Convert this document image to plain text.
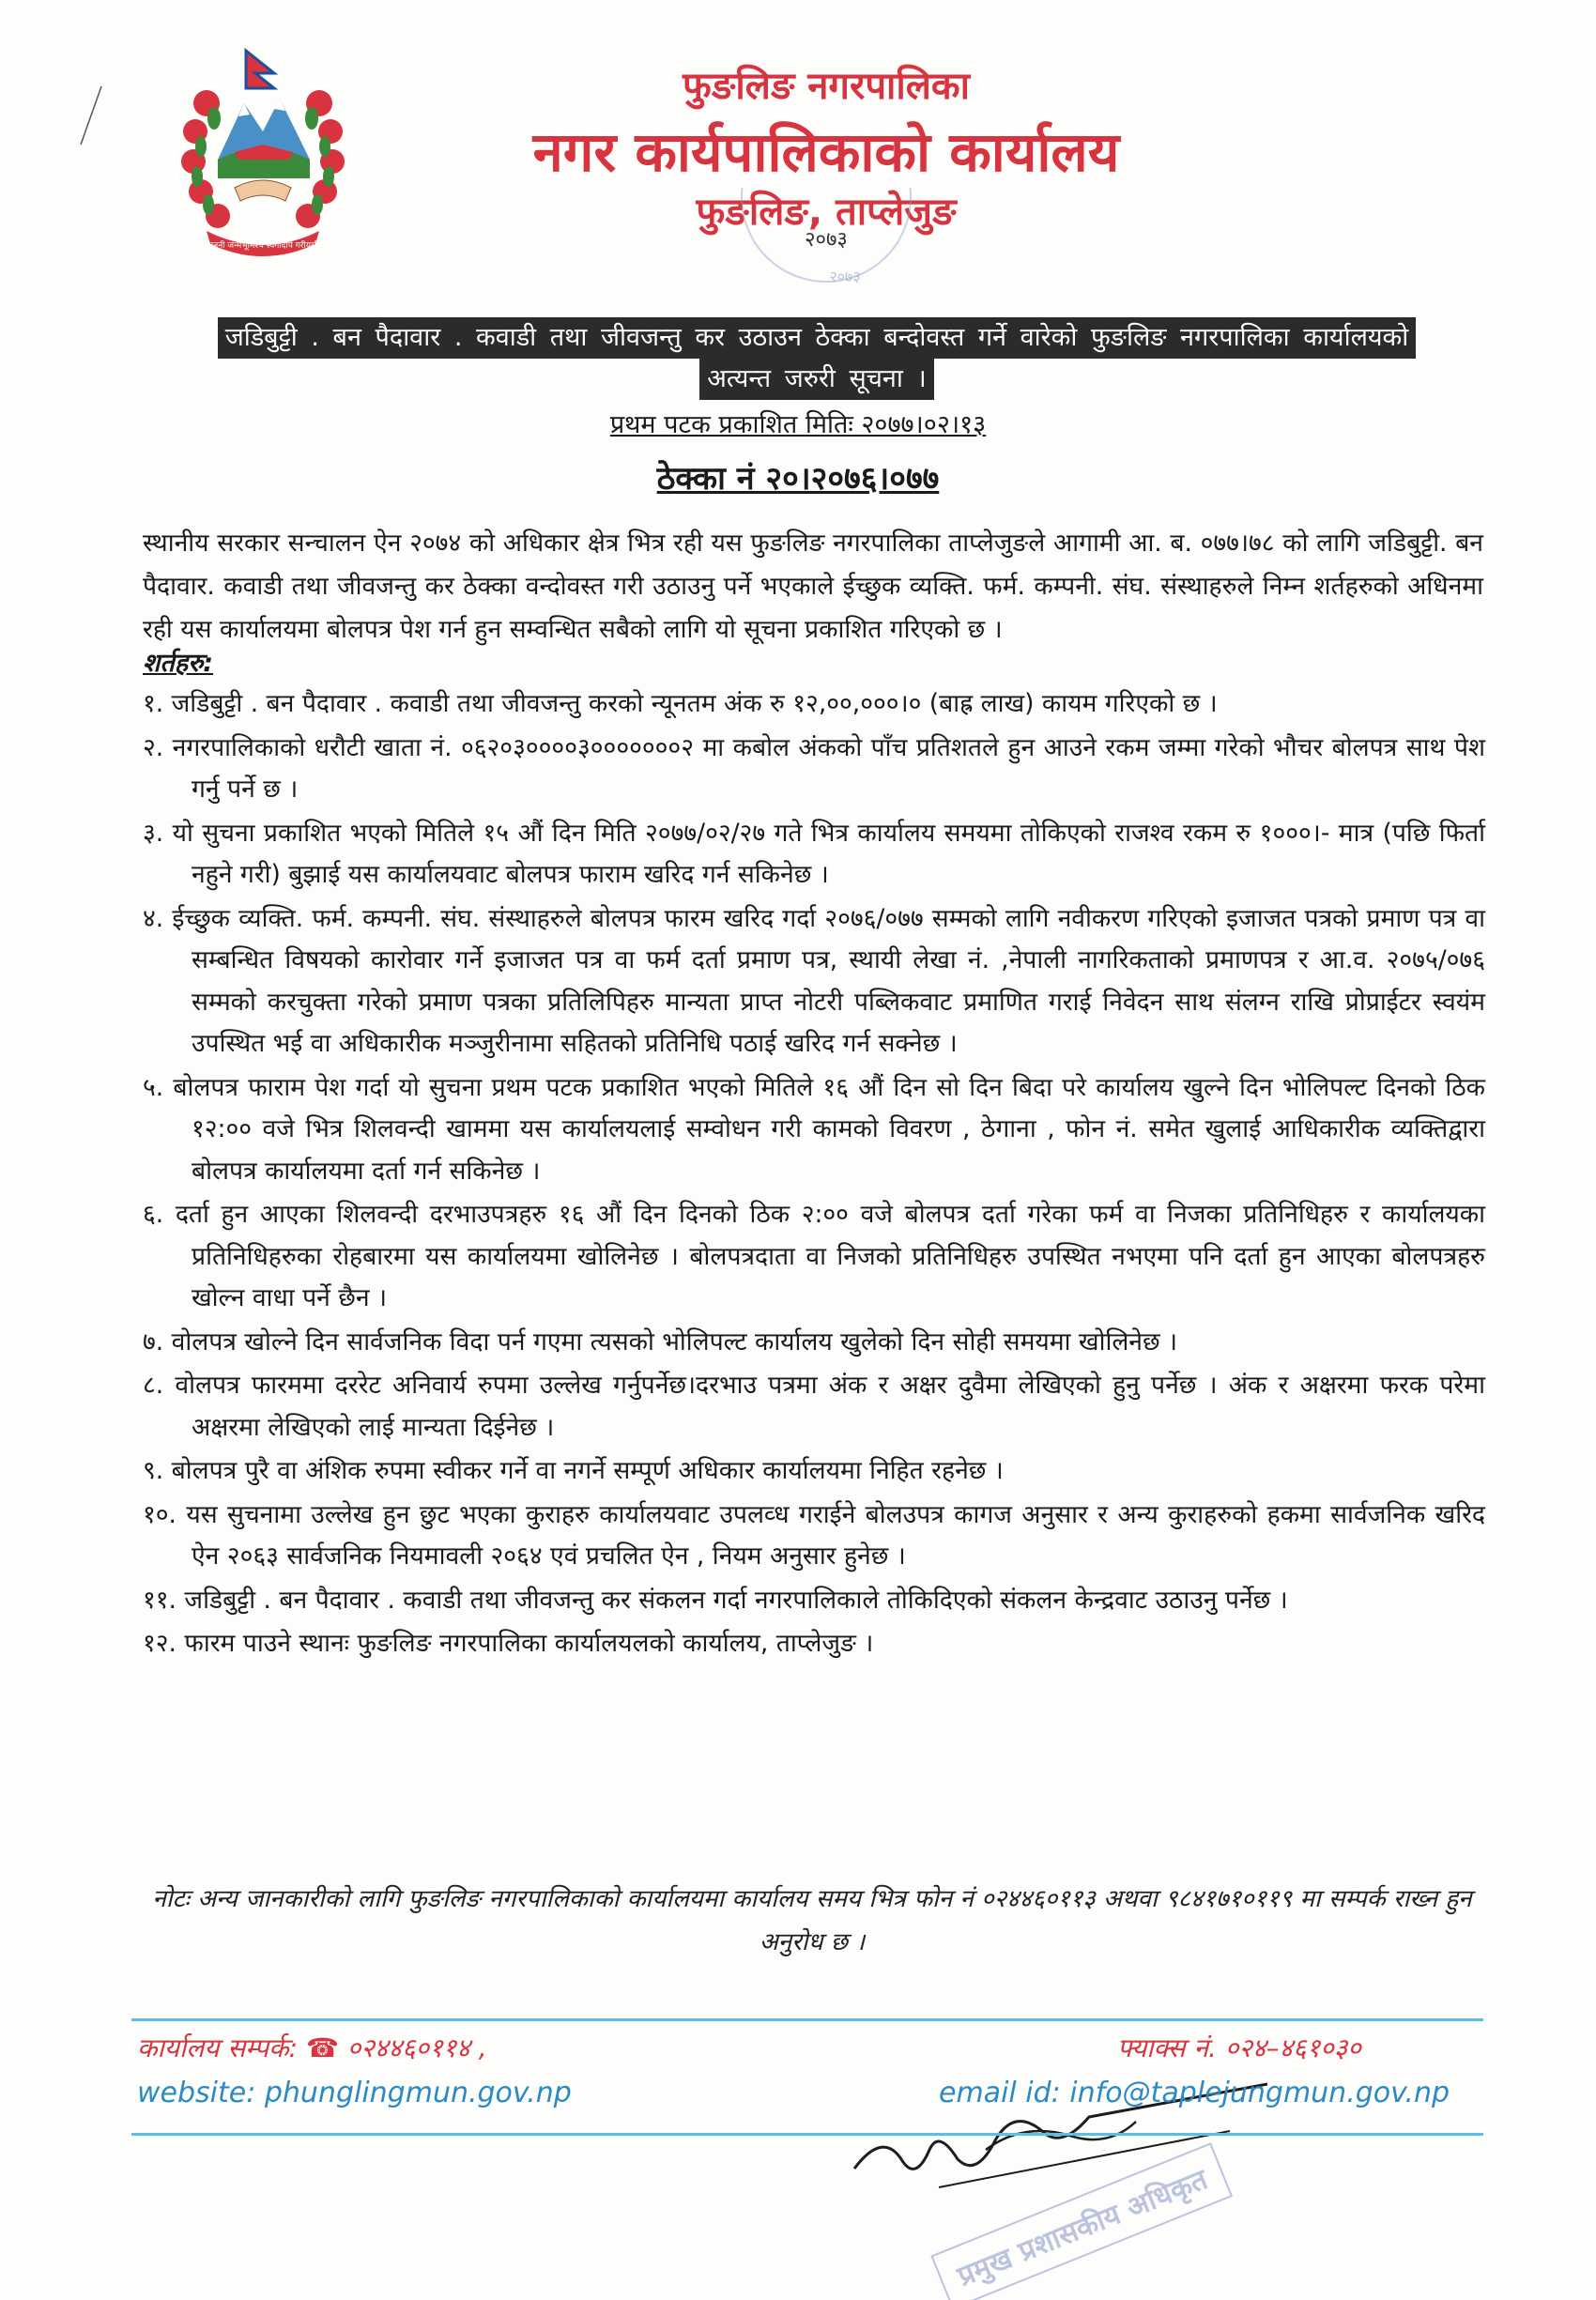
जननी जन्मभूमिश्च स्वर्गादपि गरीयसी
फुङलिङ नगरपालिका
नगर कार्यपालिकाको कार्यालय
फुङलिङ, ताप्लेजुङ
२०७३
२०७३
जडिबुट्टी . बन पैदावार . कवाडी तथा जीवजन्तु कर उठाउन ठेक्का बन्दोवस्त गर्ने वारेको फुङलिङ नगरपालिका कार्यालयको
अत्यन्त जरुरी सूचना ।
प्रथम पटक प्रकाशित मितिः २०७७।०२।१३
ठेक्का नं २०।२०७६।०७७
स्थानीय सरकार सन्चालन ऐन २०७४ को अधिकार क्षेत्र भित्र रही यस फुङलिङ नगरपालिका ताप्लेजुङले आगामी आ. ब. ०७७।७८ को लागि जडिबुट्टी. बन पैदावार. कवाडी तथा जीवजन्तु कर ठेक्का वन्दोवस्त गरी उठाउनु पर्ने भएकाले ईच्छुक व्यक्ति. फर्म. कम्पनी. संघ. संस्थाहरुले निम्न शर्तहरुको अधिनमा रही यस कार्यालयमा बोलपत्र पेश गर्न हुन सम्वन्धित सबैको लागि यो सूचना प्रकाशित गरिएको छ ।
शर्तहरु:
१. जडिबुट्टी . बन पैदावार . कवाडी तथा जीवजन्तु करको न्यूनतम अंक रु १२,००,०००।० (बाह्र लाख) कायम गरिएको छ ।
२. नगरपालिकाको धरौटी खाता नं. ०६२०३००००३०००००००२ मा कबोल अंकको पाँच प्रतिशतले हुन आउने रकम जम्मा गरेको भौचर बोलपत्र साथ पेश गर्नु पर्ने छ ।
३. यो सुचना प्रकाशित भएको मितिले १५ औं दिन मिति २०७७/०२/२७ गते भित्र कार्यालय समयमा तोकिएको राजश्व रकम रु १०००।- मात्र (पछि फिर्ता नहुने गरी) बुझाई यस कार्यालयवाट बोलपत्र फाराम खरिद गर्न सकिनेछ ।
४. ईच्छुक व्यक्ति. फर्म. कम्पनी. संघ. संस्थाहरुले बोलपत्र फारम खरिद गर्दा २०७६/०७७ सम्मको लागि नवीकरण गरिएको इजाजत पत्रको प्रमाण पत्र वा सम्बन्धित विषयको कारोवार गर्ने इजाजत पत्र वा फर्म दर्ता प्रमाण पत्र, स्थायी लेखा नं. ,नेपाली नागरिकताको प्रमाणपत्र र आ.व. २०७५/०७६ सम्मको करचुक्ता गरेको प्रमाण पत्रका प्रतिलिपिहरु मान्यता प्राप्त नोटरी पब्लिकवाट प्रमाणित गराई निवेदन साथ संलग्न राखि प्रोप्राईटर स्वयंम उपस्थित भई वा अधिकारीक मञ्जुरीनामा सहितको प्रतिनिधि पठाई खरिद गर्न सक्नेछ ।
५. बोलपत्र फाराम पेश गर्दा यो सुचना प्रथम पटक प्रकाशित भएको मितिले १६ औं दिन सो दिन बिदा परे कार्यालय खुल्ने दिन भोलिपल्ट दिनको ठिक १२:०० वजे भित्र शिलवन्दी खाममा यस कार्यालयलाई सम्वोधन गरी कामको विवरण , ठेगाना , फोन नं. समेत खुलाई आधिकारीक व्यक्तिद्वारा बोलपत्र कार्यालयमा दर्ता गर्न सकिनेछ ।
६. दर्ता हुन आएका शिलवन्दी दरभाउपत्रहरु १६ औं दिन दिनको ठिक २:०० वजे बोलपत्र दर्ता गरेका फर्म वा निजका प्रतिनिधिहरु र कार्यालयका प्रतिनिधिहरुका रोहबारमा यस कार्यालयमा खोलिनेछ । बोलपत्रदाता वा निजको प्रतिनिधिहरु उपस्थित नभएमा पनि दर्ता हुन आएका बोलपत्रहरु खोल्न वाधा पर्ने छैन ।
७. वोलपत्र खोल्ने दिन सार्वजनिक विदा पर्न गएमा त्यसको भोलिपल्ट कार्यालय खुलेको दिन सोही समयमा खोलिनेछ ।
८. वोलपत्र फारममा दररेट अनिवार्य रुपमा उल्लेख गर्नुपर्नेछ।दरभाउ पत्रमा अंक र अक्षर दुवैमा लेखिएको हुनु पर्नेछ । अंक र अक्षरमा फरक परेमा अक्षरमा लेखिएको लाई मान्यता दिईनेछ ।
९. बोलपत्र पुरै वा अंशिक रुपमा स्वीकर गर्ने वा नगर्ने सम्पूर्ण अधिकार कार्यालयमा निहित रहनेछ ।
१०. यस सुचनामा उल्लेख हुन छुट भएका कुराहरु कार्यालयवाट उपलव्ध गराईने बोलउपत्र कागज अनुसार र अन्य कुराहरुको हकमा सार्वजनिक खरिद ऐन २०६३ सार्वजनिक नियमावली २०६४ एवं प्रचलित ऐन , नियम अनुसार हुनेछ ।
११. जडिबुट्टी . बन पैदावार . कवाडी तथा जीवजन्तु कर संकलन गर्दा नगरपालिकाले तोकिदिएको संकलन केन्द्रवाट उठाउनु पर्नेछ ।
१२. फारम पाउने स्थानः फुङलिङ नगरपालिका कार्यालयलको कार्यालय, ताप्लेजुङ ।
नोटः अन्य जानकारीको लागि फुङलिङ नगरपालिकाको कार्यालयमा कार्यालय समय भित्र फोन नं ०२४४६०११३ अथवा ९८४१७१०११९ मा सम्पर्क राख्न हुन अनुरोध छ ।
प्रमुख प्रशासकीय अधिकृत
कार्यालय सम्पर्क: ☎ ०२४४६०११४ ,	फ्याक्स नं. ०२४–४६१०३०
website: phunglingmun.gov.np	email id: info@taplejungmun.gov.np
